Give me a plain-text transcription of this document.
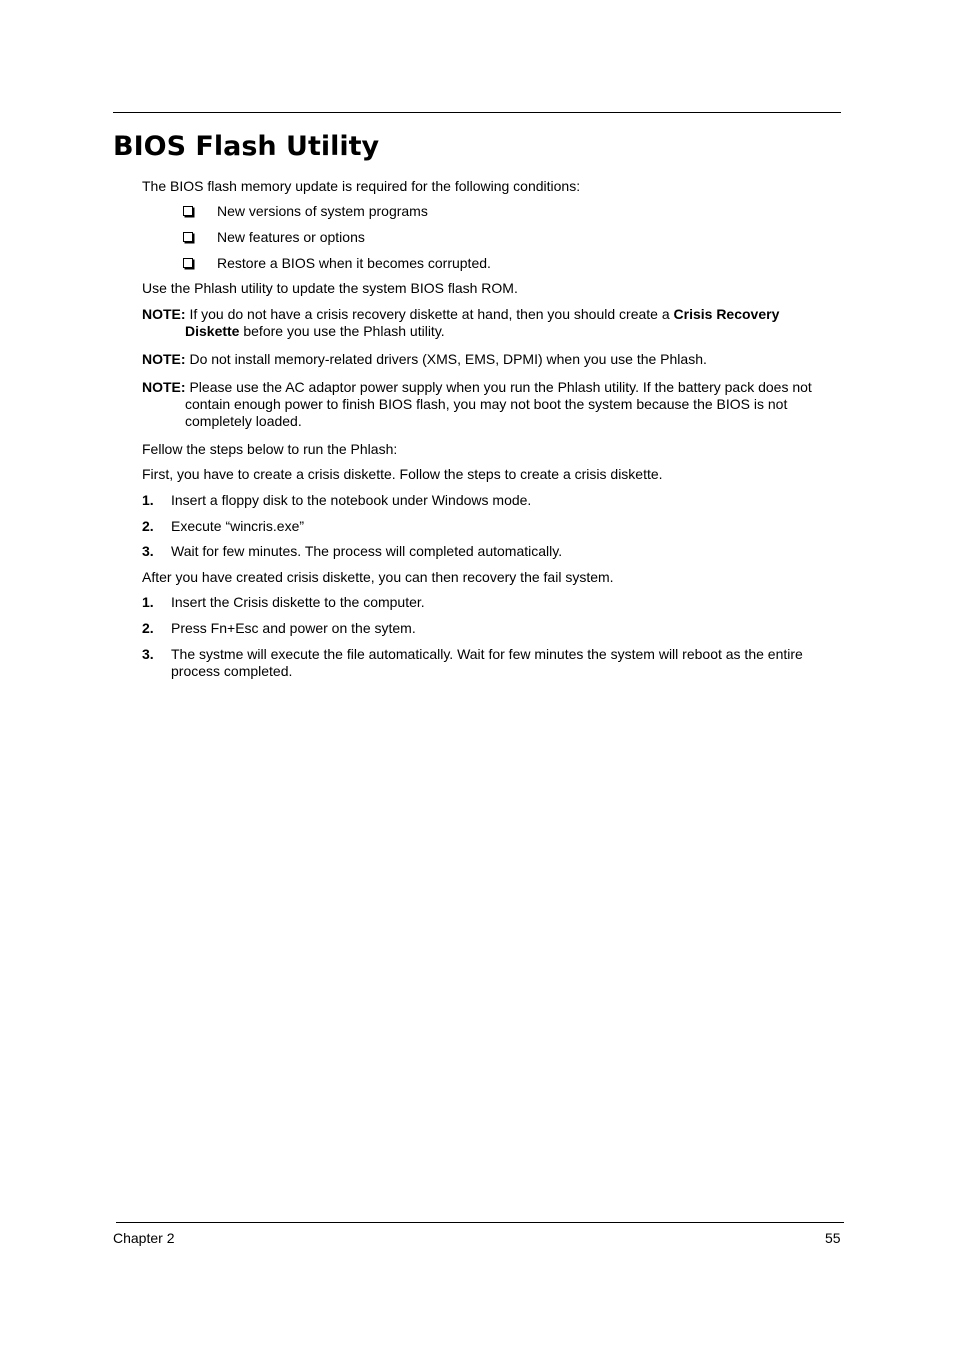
BIOS Flash Utility
The BIOS flash memory update is required for the following conditions:
New versions of system programs
New features or options
Restore a BIOS when it becomes corrupted.
Use the Phlash utility to update the system BIOS flash ROM.
NOTE: If you do not have a crisis recovery diskette at hand, then you should create a Crisis Recovery
Diskette before you use the Phlash utility.
NOTE: Do not install memory-related drivers (XMS, EMS, DPMI) when you use the Phlash.
NOTE: Please use the AC adaptor power supply when you run the Phlash utility. If the battery pack does not
contain enough power to finish BIOS flash, you may not boot the system because the BIOS is not
completely loaded.
Fellow the steps below to run the Phlash:
First, you have to create a crisis diskette. Follow the steps to create a crisis diskette.
1. Insert a floppy disk to the notebook under Windows mode.
2. Execute “wincris.exe”
3. Wait for few minutes. The process will completed automatically.
After you have created crisis diskette, you can then recovery the fail system.
1. Insert the Crisis diskette to the computer.
2. Press Fn+Esc and power on the sytem.
3. The systme will execute the file automatically. Wait for few minutes the system will reboot as the entire
process completed.
Chapter 2	55
